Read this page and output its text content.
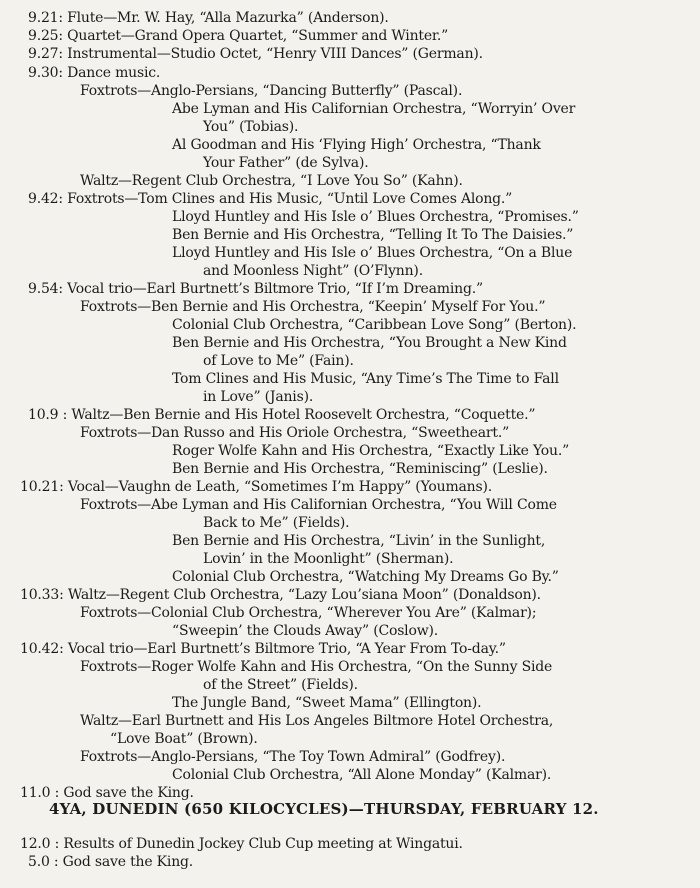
9.21: Flute—Mr. W. Hay, “Alla Mazurka” (Anderson).
9.25: Quartet—Grand Opera Quartet, “Summer and Winter.”
9.27: Instrumental—Studio Octet, “Henry VIII Dances” (German).
9.30: Dance music.
Foxtrots—Anglo-Persians, “Dancing Butterfly” (Pascal).
Abe Lyman and His Californian Orchestra, “Worryin’ Over
You” (Tobias).
Al Goodman and His ‘Flying High’ Orchestra, “Thank
Your Father” (de Sylva).
Waltz—Regent Club Orchestra, “I Love You So” (Kahn).
9.42: Foxtrots—Tom Clines and His Music, “Until Love Comes Along.”
Lloyd Huntley and His Isle o’ Blues Orchestra, “Promises.”
Ben Bernie and His Orchestra, “Telling It To The Daisies.”
Lloyd Huntley and His Isle o’ Blues Orchestra, “On a Blue
and Moonless Night” (O’Flynn).
9.54: Vocal trio—Earl Burtnett’s Biltmore Trio, “If I’m Dreaming.”
Foxtrots—Ben Bernie and His Orchestra, “Keepin’ Myself For You.”
Colonial Club Orchestra, “Caribbean Love Song” (Berton).
Ben Bernie and His Orchestra, “You Brought a New Kind
of Love to Me” (Fain).
Tom Clines and His Music, “Any Time’s The Time to Fall
in Love” (Janis).
10.9 : Waltz—Ben Bernie and His Hotel Roosevelt Orchestra, “Coquette.”
Foxtrots—Dan Russo and His Oriole Orchestra, “Sweetheart.”
Roger Wolfe Kahn and His Orchestra, “Exactly Like You.”
Ben Bernie and His Orchestra, “Reminiscing” (Leslie).
10.21: Vocal—Vaughn de Leath, “Sometimes I’m Happy” (Youmans).
Foxtrots—Abe Lyman and His Californian Orchestra, “You Will Come
Back to Me” (Fields).
Ben Bernie and His Orchestra, “Livin’ in the Sunlight,
Lovin’ in the Moonlight” (Sherman).
Colonial Club Orchestra, “Watching My Dreams Go By.”
10.33: Waltz—Regent Club Orchestra, “Lazy Lou’siana Moon” (Donaldson).
Foxtrots—Colonial Club Orchestra, “Wherever You Are” (Kalmar);
“Sweepin’ the Clouds Away” (Coslow).
10.42: Vocal trio—Earl Burtnett’s Biltmore Trio, “A Year From To-day.”
Foxtrots—Roger Wolfe Kahn and His Orchestra, “On the Sunny Side
of the Street” (Fields).
The Jungle Band, “Sweet Mama” (Ellington).
Waltz—Earl Burtnett and His Los Angeles Biltmore Hotel Orchestra,
“Love Boat” (Brown).
Foxtrots—Anglo-Persians, “The Toy Town Admiral” (Godfrey).
Colonial Club Orchestra, “All Alone Monday” (Kalmar).
11.0 : God save the King.
4YA, DUNEDIN (650 KILOCYCLES)—THURSDAY, FEBRUARY 12.
12.0 : Results of Dunedin Jockey Club Cup meeting at Wingatui.
5.0 : God save the King.
